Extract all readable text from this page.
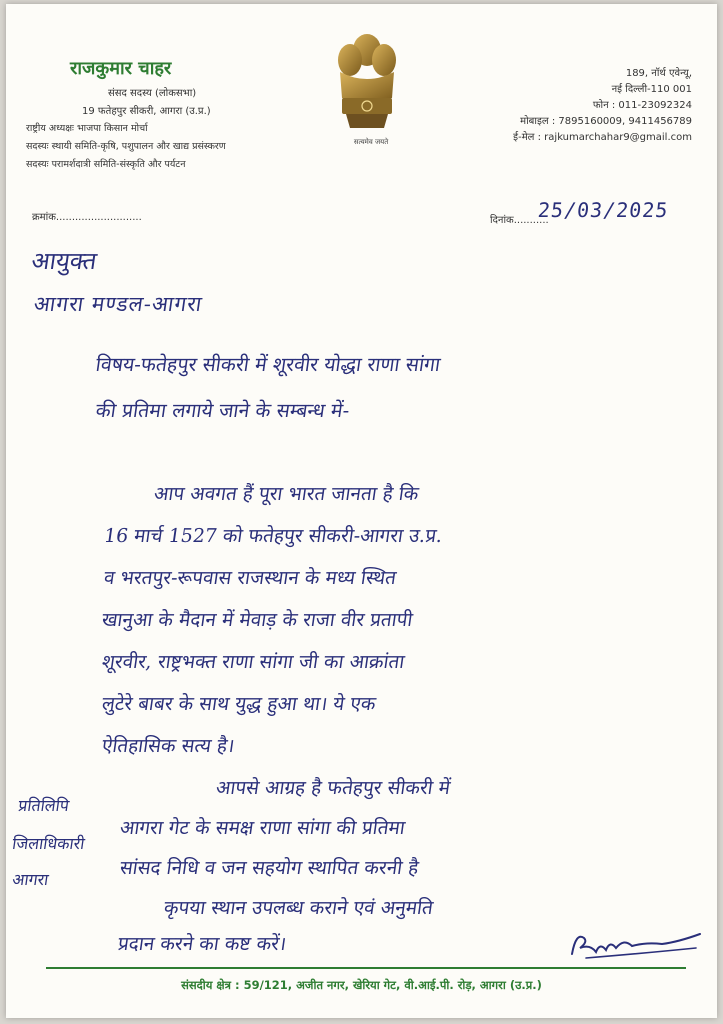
राजकुमार चाहर
संसद सदस्य (लोकसभा)
19 फतेहपुर सीकरी, आगरा (उ.प्र.)
राष्ट्रीय अध्यक्षः भाजपा किसान मोर्चा
सदस्यः स्थायी समिति-कृषि, पशुपालन और खाद्य प्रसंस्करण
सदस्यः परामर्शदात्री समिति-संस्कृति और पर्यटन
क्रमांक...........................
सत्यमेव जयते
189, नॉर्थ एवेन्यू,
नई दिल्ली-110 001
फोन : 011-23092324
मोबाइल : 7895160009, 9411456789
ई-मेल : rajkumarchahar9@gmail.com
दिनांक...........
25/03/2025
आयुक्त
आगरा मण्डल-आगरा
विषय-फतेहपुर सीकरी में शूरवीर योद्धा राणा सांगा
की प्रतिमा लगाये जाने के सम्बन्ध में-
आप अवगत हैं पूरा भारत जानता है कि
16 मार्च 1527 को फतेहपुर सीकरी-आगरा उ.प्र.
व भरतपुर-रूपवास राजस्थान के मध्य स्थित
खानुआ के मैदान में मेवाड़ के राजा वीर प्रतापी
शूरवीर, राष्ट्रभक्त राणा सांगा जी का आक्रांता
लुटेरे बाबर के साथ युद्ध हुआ था। ये एक
ऐतिहासिक सत्य है।
आपसे आग्रह है फतेहपुर सीकरी में
आगरा गेट के समक्ष राणा सांगा की प्रतिमा
सांसद निधि व जन सहयोग स्थापित करनी है
कृपया स्थान उपलब्ध कराने एवं अनुमति
प्रदान करने का कष्ट करें।
प्रतिलिपि
जिलाधिकारी
आगरा
संसदीय क्षेत्र : 59/121, अजीत नगर, खेरिया गेट, वी.आई.पी. रोड़, आगरा (उ.प्र.)
